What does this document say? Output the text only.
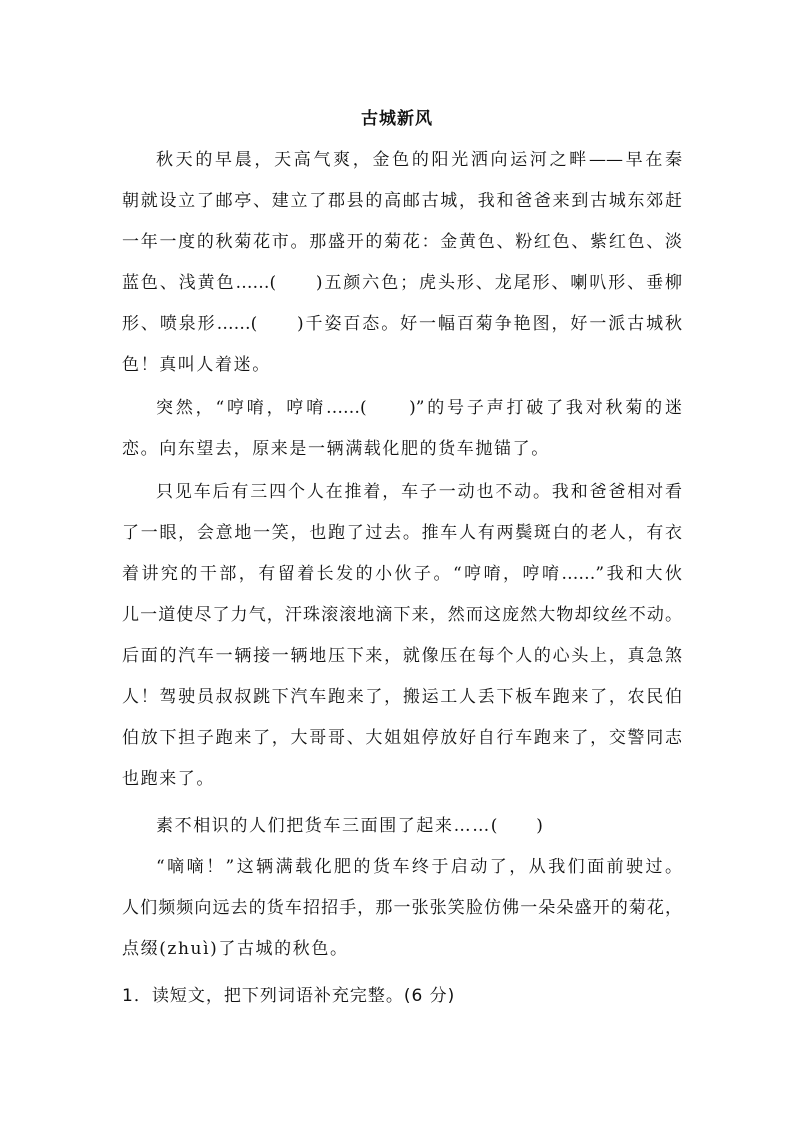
古城新风
秋天的早晨，天高气爽，金色的阳光洒向运河之畔——早在秦
朝就设立了邮亭、建立了郡县的高邮古城，我和爸爸来到古城东郊赶
一年一度的秋菊花市。那盛开的菊花：金黄色、粉红色、紫红色、淡
蓝色、浅黄色……(　　)五颜六色；虎头形、龙尾形、喇叭形、垂柳
形、喷泉形……(　　)千姿百态。好一幅百菊争艳图，好一派古城秋
色！真叫人着迷。
突然，“哼唷，哼唷……(　　)”的号子声打破了我对秋菊的迷
恋。向东望去，原来是一辆满载化肥的货车抛锚了。
只见车后有三四个人在推着，车子一动也不动。我和爸爸相对看
了一眼，会意地一笑，也跑了过去。推车人有两鬓斑白的老人，有衣
着讲究的干部，有留着长发的小伙子。“哼唷，哼唷……”我和大伙
儿一道使尽了力气，汗珠滚滚地滴下来，然而这庞然大物却纹丝不动。
后面的汽车一辆接一辆地压下来，就像压在每个人的心头上，真急煞
人！驾驶员叔叔跳下汽车跑来了，搬运工人丢下板车跑来了，农民伯
伯放下担子跑来了，大哥哥、大姐姐停放好自行车跑来了，交警同志
也跑来了。
素不相识的人们把货车三面围了起来……(　　)
“嘀嘀！”这辆满载化肥的货车终于启动了，从我们面前驶过。
人们频频向远去的货车招招手，那一张张笑脸仿佛一朵朵盛开的菊花，
点缀(zhuì)了古城的秋色。
1．读短文，把下列词语补充完整。(6 分)
